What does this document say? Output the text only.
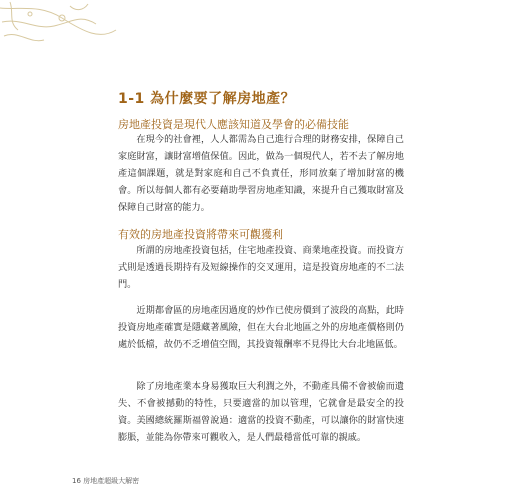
1-1 為什麼要了解房地產？
房地產投資是現代人應該知道及學會的必備技能

在現今的社會裡，人人都需為自己進行合理的財務安排，保障自己家庭財富，讓財富增值保值。因此，做為一個現代人，若不去了解房地產這個課題，就是對家庭和自己不負責任，形同放棄了增加財富的機會。所以每個人都有必要藉助學習房地產知識，來提升自己獲取財富及保障自己財富的能力。

有效的房地產投資將帶來可觀獲利

所謂的房地產投資包括，住宅地產投資、商業地產投資。而投資方式則是透過長期持有及短線操作的交叉運用，這是投資房地產的不二法門。

近期都會區的房地產因過度的炒作已使房價到了波段的高點，此時投資房地產確實是隱藏著風險，但在大台北地區之外的房地產價格則仍處於低檔，故仍不乏增值空間，其投資報酬率不見得比大台北地區低。

除了房地產業本身易獲取巨大利潤之外，不動產具備不會被偷而遺失、不會被撼動的特性，只要適當的加以管理，它就會是最安全的投資。美國總統羅斯福曾說過：適當的投資不動產，可以讓你的財富快速膨脹，並能為你帶來可觀收入，是人們最穩當低可靠的親戚。

16 房地產超級大解密
